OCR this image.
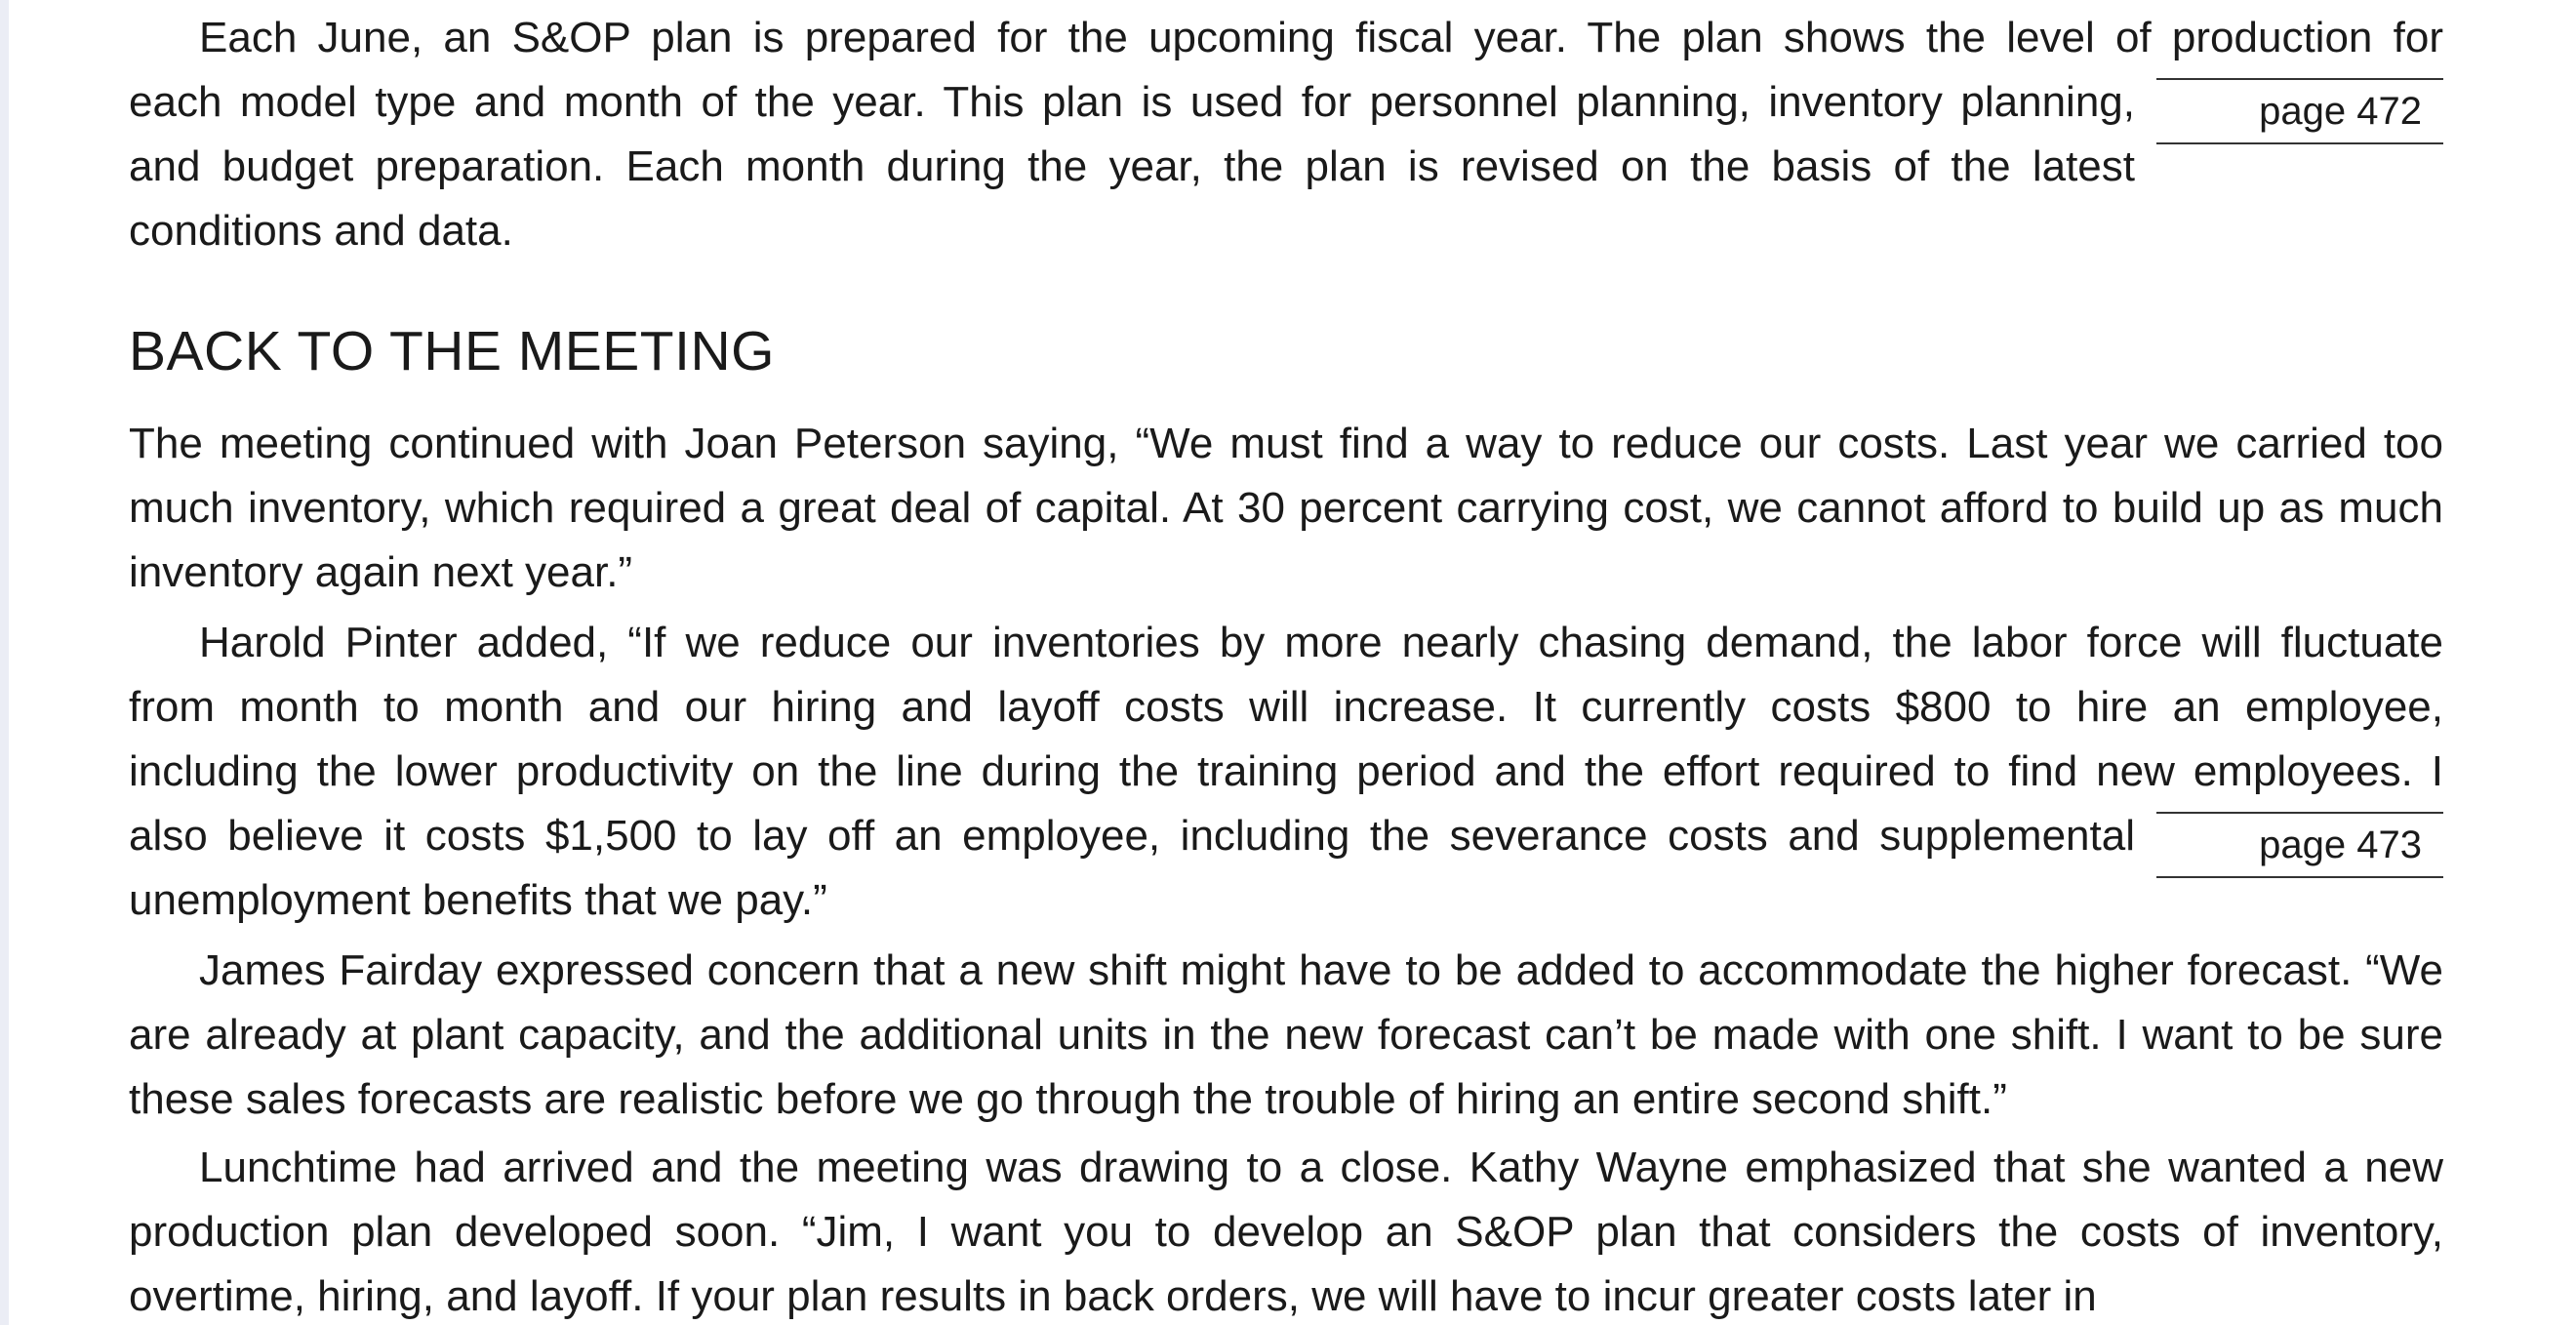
Each June, an S&OP plan is prepared for the upcoming fiscal year. The plan shows the level of production for
each model type and month of the year. This plan is used for personnel planning, inventory planning,
and budget preparation. Each month during the year, the plan is revised on the basis of the latest
conditions and data.
page 472
BACK TO THE MEETING

The meeting continued with Joan Peterson saying, “We must find a way to reduce our costs. Last year we carried too much inventory, which required a great deal of capital. At 30 percent carrying cost, we cannot afford to build up as much inventory again next year.”

Harold Pinter added, “If we reduce our inventories by more nearly chasing demand, the labor force will fluctuate
from month to month and our hiring and layoff costs will increase. It currently costs $800 to hire an employee,
including the lower productivity on the line during the training period and the effort required to find new employees. I
also believe it costs $1,500 to lay off an employee, including the severance costs and supplemental
unemployment benefits that we pay.”
page 473

James Fairday expressed concern that a new shift might have to be added to accommodate the higher forecast. “We are already at plant capacity, and the additional units in the new forecast can’t be made with one shift. I want to be sure these sales forecasts are realistic before we go through the trouble of hiring an entire second shift.”

Lunchtime had arrived and the meeting was drawing to a close. Kathy Wayne emphasized that she wanted a new production plan developed soon. “Jim, I want you to develop an S&OP plan that considers the costs of inventory, overtime, hiring, and layoff. If your plan results in back orders, we will have to incur greater costs later in
